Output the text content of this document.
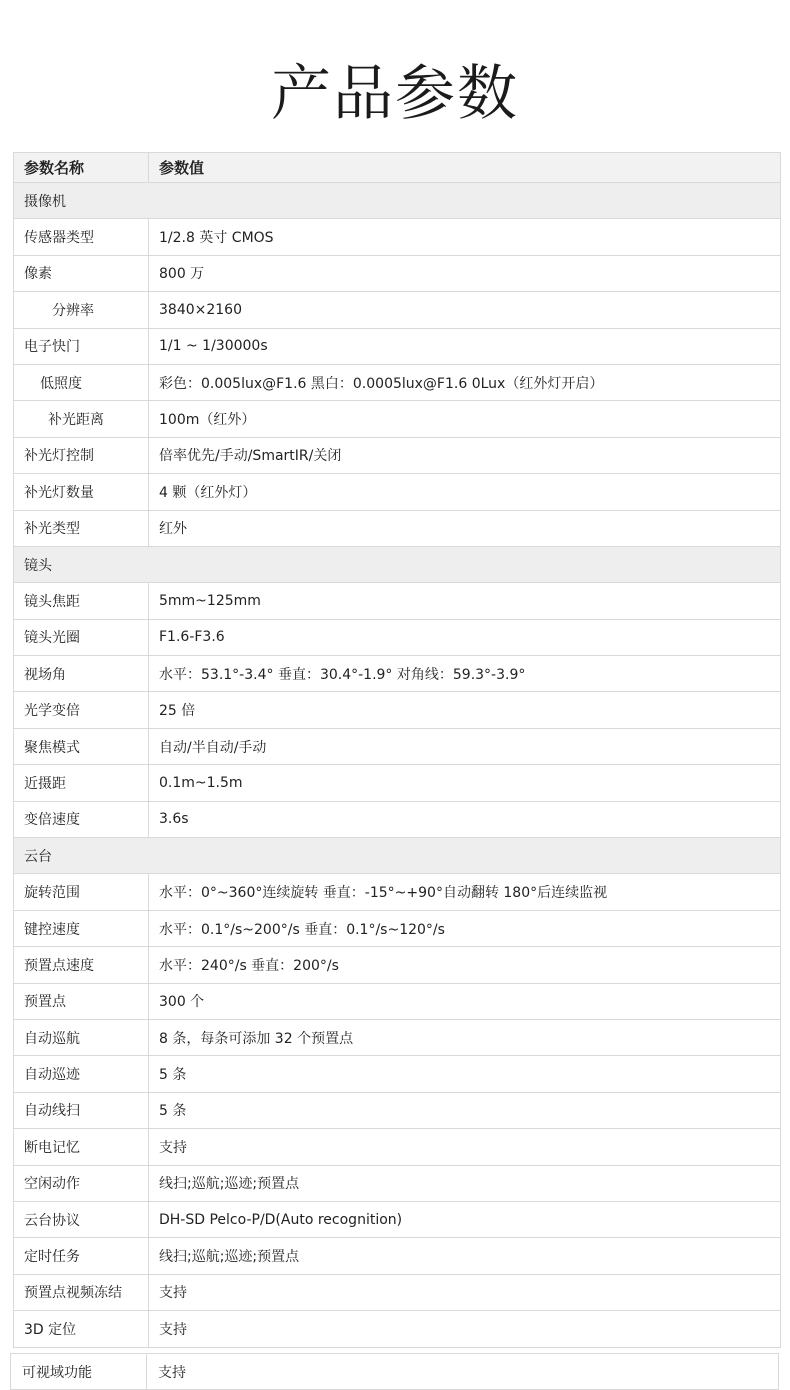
产品参数
参数名称	参数值
摄像机	
传感器类型	1/2.8 英寸 CMOS
像素	800 万
分辨率	3840×2160
电子快门	1/1 ~ 1/30000s
低照度	彩色：0.005lux@F1.6 黑白：0.0005lux@F1.6 0Lux（红外灯开启）
补光距离	100m（红外）
补光灯控制	倍率优先/手动/SmartIR/关闭
补光灯数量	4 颗（红外灯）
补光类型	红外
镜头	
镜头焦距	5mm~125mm
镜头光圈	F1.6-F3.6
视场角	水平：53.1°-3.4° 垂直：30.4°-1.9° 对角线：59.3°-3.9°
光学变倍	25 倍
聚焦模式	自动/半自动/手动
近摄距	0.1m~1.5m
变倍速度	3.6s
云台	
旋转范围	水平：0°~360°连续旋转 垂直：-15°~+90°自动翻转 180°后连续监视
键控速度	水平：0.1°/s~200°/s 垂直：0.1°/s~120°/s
预置点速度	水平：240°/s 垂直：200°/s
预置点	300 个
自动巡航	8 条，每条可添加 32 个预置点
自动巡迹	5 条
自动线扫	5 条
断电记忆	支持
空闲动作	线扫;巡航;巡迹;预置点
云台协议	DH-SD Pelco-P/D(Auto recognition)
定时任务	线扫;巡航;巡迹;预置点
预置点视频冻结	支持
3D 定位	支持
可视域功能	支持
